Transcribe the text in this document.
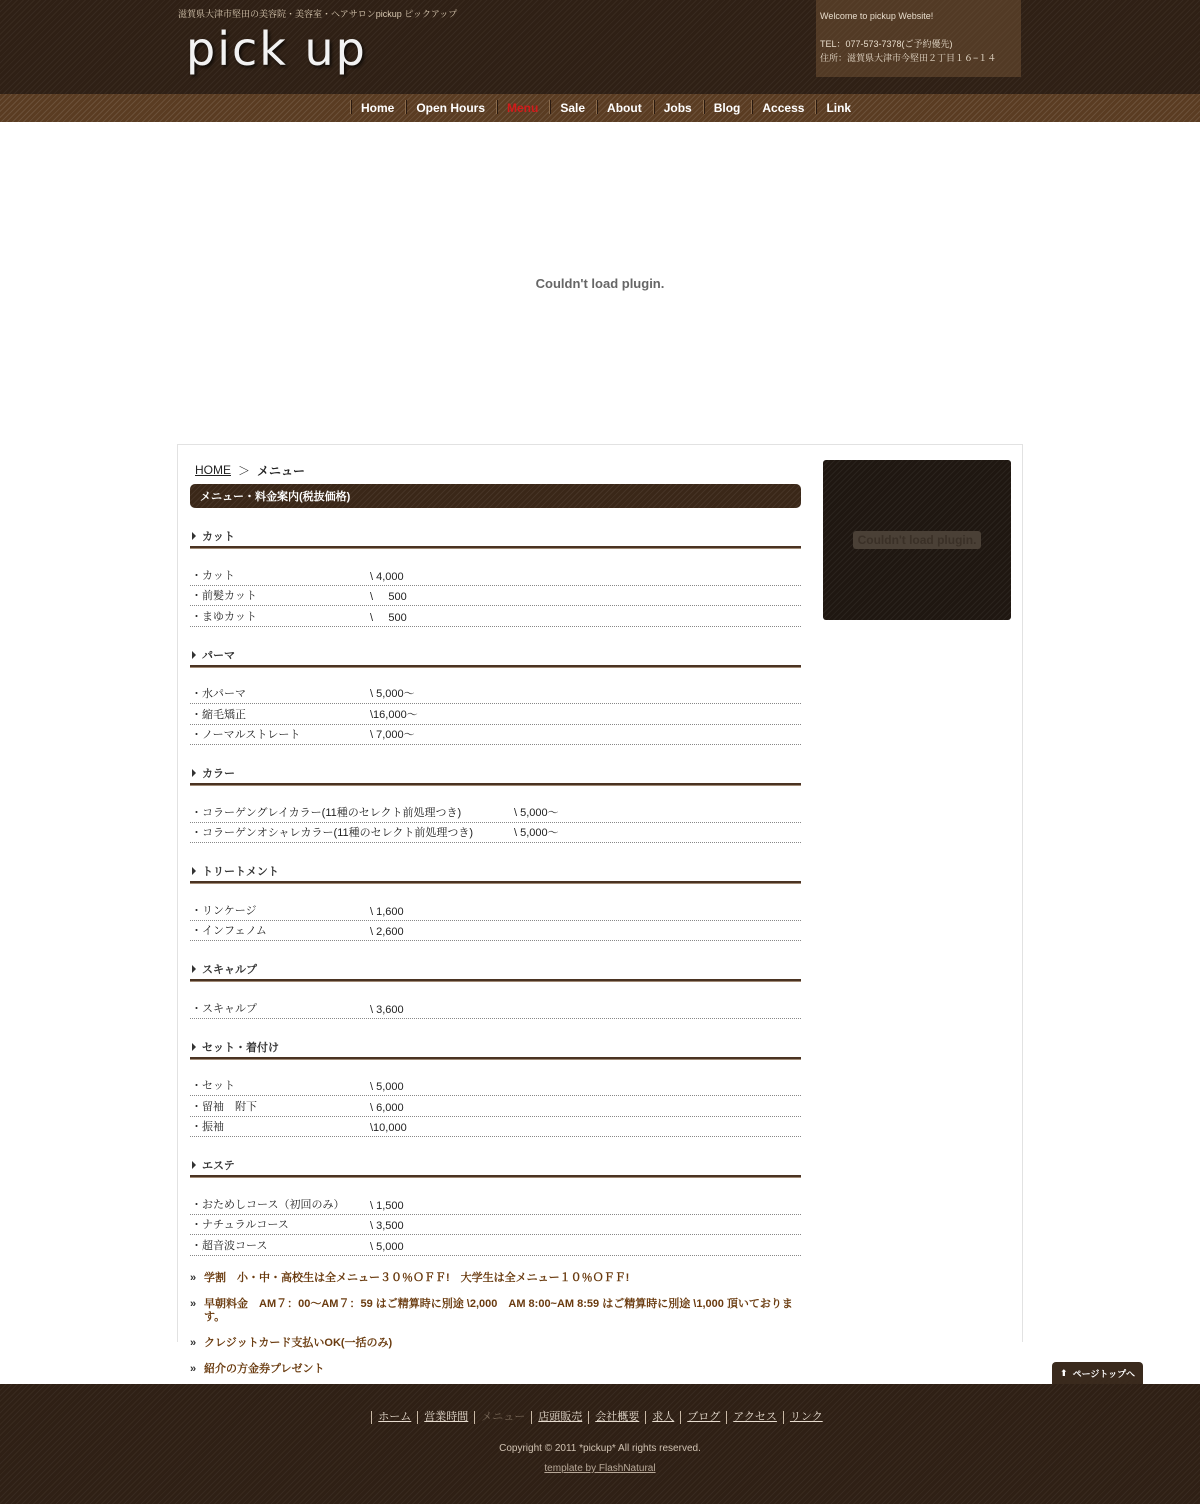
滋賀県大津市堅田の美容院・美容室・ヘアサロンpickup ピックアップ
pick up
Welcome to pickup Website!
TEL：077-573-7378(ご予約優先)
住所：滋賀県大津市今堅田２丁目１６−１４
Home	Open Hours	Menu	Sale	About	Jobs	Blog	Access	Link
Couldn't load plugin.
HOME ＞ メニュー
メニュー・料金案内(税抜価格)
カット
・カット	\ 4,000
・前髪カット	\     500
・まゆカット	\     500
パーマ
・水パーマ	\ 5,000～
・縮毛矯正	\16,000～
・ノーマルストレート	\ 7,000～
カラー
・コラーゲングレイカラー(11種のセレクト前処理つき)	\ 5,000～
・コラーゲンオシャレカラー(11種のセレクト前処理つき)	\ 5,000～
トリートメント
・リンケージ	\ 1,600
・インフェノム	\ 2,600
スキャルプ
・スキャルプ	\ 3,600
セット・着付け
・セット	\ 5,000
・留袖　附下	\ 6,000
・振袖	\10,000
エステ
・おためしコース（初回のみ） \ 1,500
・ナチュラルコース	\ 3,500
・超音波コース	\ 5,000
» 学割　小・中・高校生は全メニュー３０％ＯＦＦ!　大学生は全メニュー１０％ＯＦＦ!
» 早朝料金　AM７：00～AM７：59 はご精算時に別途 \2,000　AM 8:00~AM 8:59 はご精算時に別途 \1,000 頂いております。
» クレジットカード支払いOK(一括のみ)
» 紹介の方金券プレゼント
Couldn't load plugin.
⬆ ページトップへ
ホーム	営業時間	メニュー	店頭販売	会社概要	求人	ブログ	アクセス	リンク
Copyright © 2011 *pickup* All rights reserved.
template by FlashNatural
